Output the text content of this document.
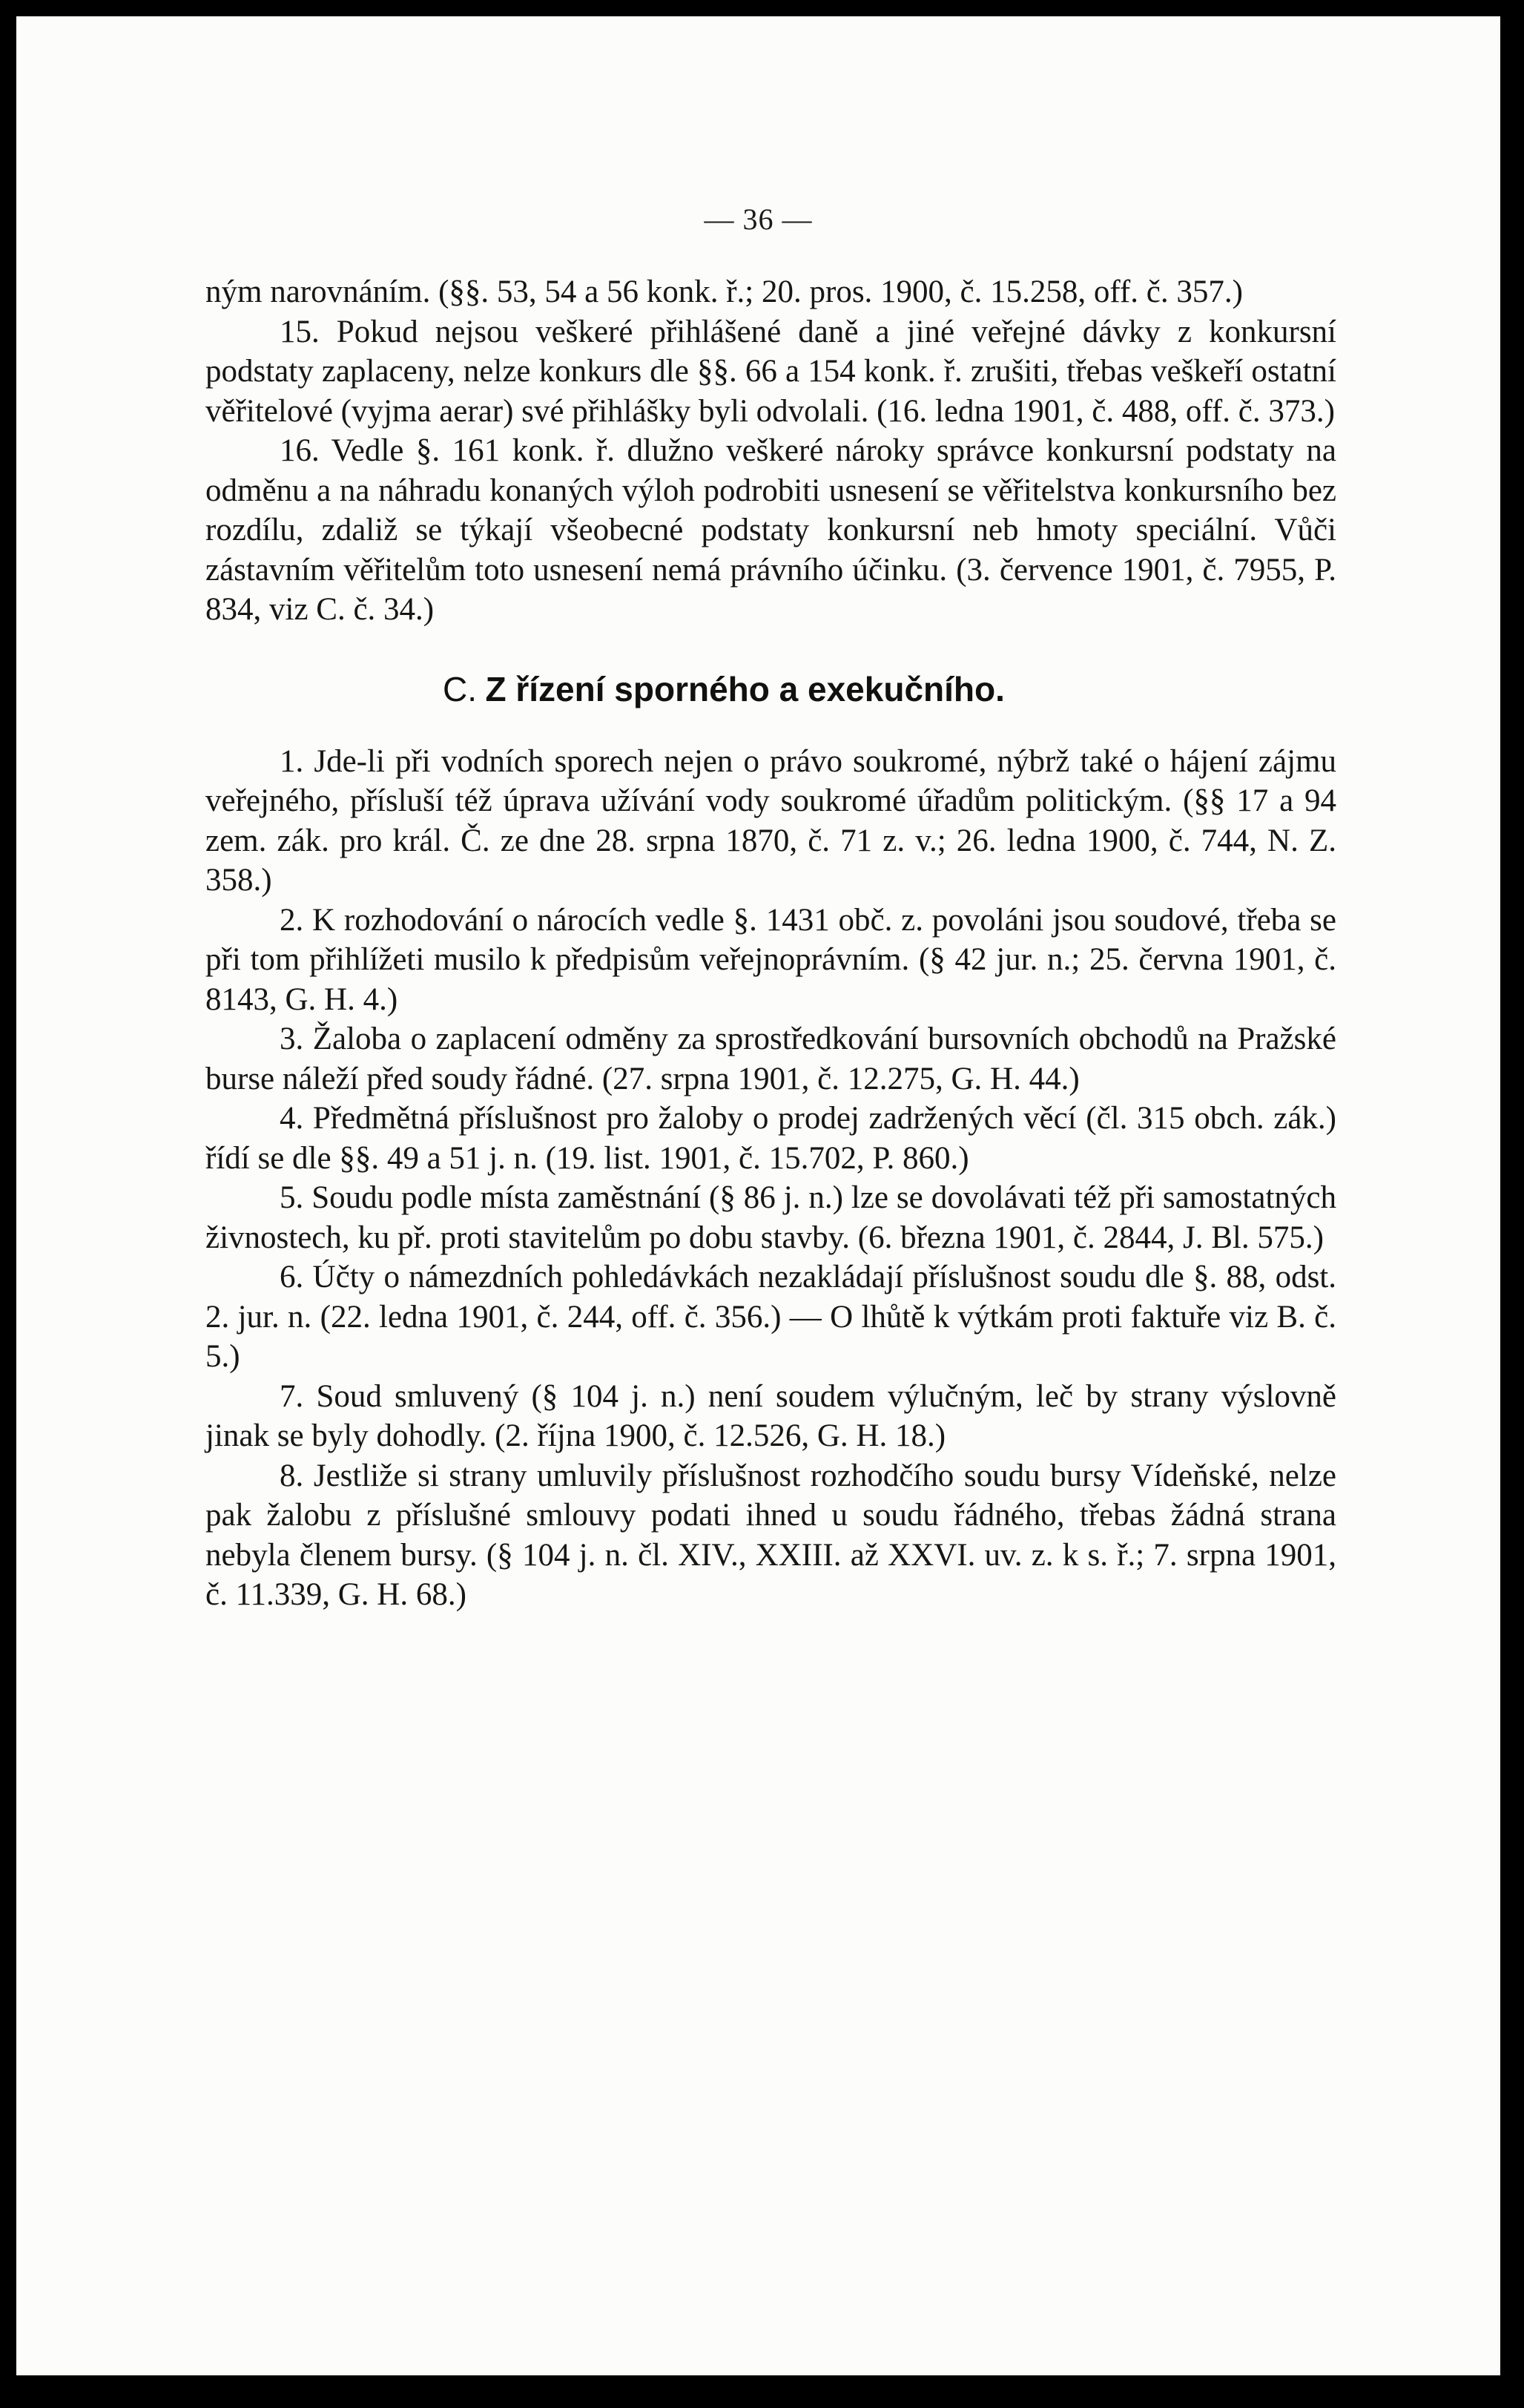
— 36 —

ným narovnáním. (§§. 53, 54 a 56 konk. ř.; 20. pros. 1900, č. 15.258, off. č. 357.)

15. Pokud nejsou veškeré přihlášené daně a jiné veřejné dávky z konkursní podstaty zaplaceny, nelze konkurs dle §§. 66 a 154 konk. ř. zrušiti, třebas veškeří ostatní věřitelové (vyjma aerar) své přihlášky byli odvolali. (16. ledna 1901, č. 488, off. č. 373.)

16. Vedle §. 161 konk. ř. dlužno veškeré nároky správce konkursní podstaty na odměnu a na náhradu konaných výloh podrobiti usnesení se věřitelstva konkursního bez rozdílu, zdaliž se týkají všeobecné podstaty konkursní neb hmoty speciální. Vůči zástavním věřitelům toto usnesení nemá právního účinku. (3. července 1901, č. 7955, P. 834, viz C. č. 34.)

C. Z řízení sporného a exekučního.

1. Jde-li při vodních sporech nejen o právo soukromé, nýbrž také o hájení zájmu veřejného, přísluší též úprava užívání vody soukromé úřadům politickým. (§§ 17 a 94 zem. zák. pro král. Č. ze dne 28. srpna 1870, č. 71 z. v.; 26. ledna 1900, č. 744, N. Z. 358.)

2. K rozhodování o nárocích vedle §. 1431 obč. z. povoláni jsou soudové, třeba se při tom přihlížeti musilo k předpisům veřejnoprávním. (§ 42 jur. n.; 25. června 1901, č. 8143, G. H. 4.)

3. Žaloba o zaplacení odměny za sprostředkování bursovních obchodů na Pražské burse náleží před soudy řádné. (27. srpna 1901, č. 12.275, G. H. 44.)

4. Předmětná příslušnost pro žaloby o prodej zadržených věcí (čl. 315 obch. zák.) řídí se dle §§. 49 a 51 j. n. (19. list. 1901, č. 15.702, P. 860.)

5. Soudu podle místa zaměstnání (§ 86 j. n.) lze se dovolávati též při samostatných živnostech, ku př. proti stavitelům po dobu stavby. (6. března 1901, č. 2844, J. Bl. 575.)

6. Účty o námezdních pohledávkách nezakládají příslušnost soudu dle §. 88, odst. 2. jur. n. (22. ledna 1901, č. 244, off. č. 356.) — O lhůtě k výtkám proti faktuře viz B. č. 5.)

7. Soud smluvený (§ 104 j. n.) není soudem výlučným, leč by strany výslovně jinak se byly dohodly. (2. října 1900, č. 12.526, G. H. 18.)

8. Jestliže si strany umluvily příslušnost rozhodčího soudu bursy Vídeňské, nelze pak žalobu z příslušné smlouvy podati ihned u soudu řádného, třebas žádná strana nebyla členem bursy. (§ 104 j. n. čl. XIV., XXIII. až XXVI. uv. z. k s. ř.; 7. srpna 1901, č. 11.339, G. H. 68.)
